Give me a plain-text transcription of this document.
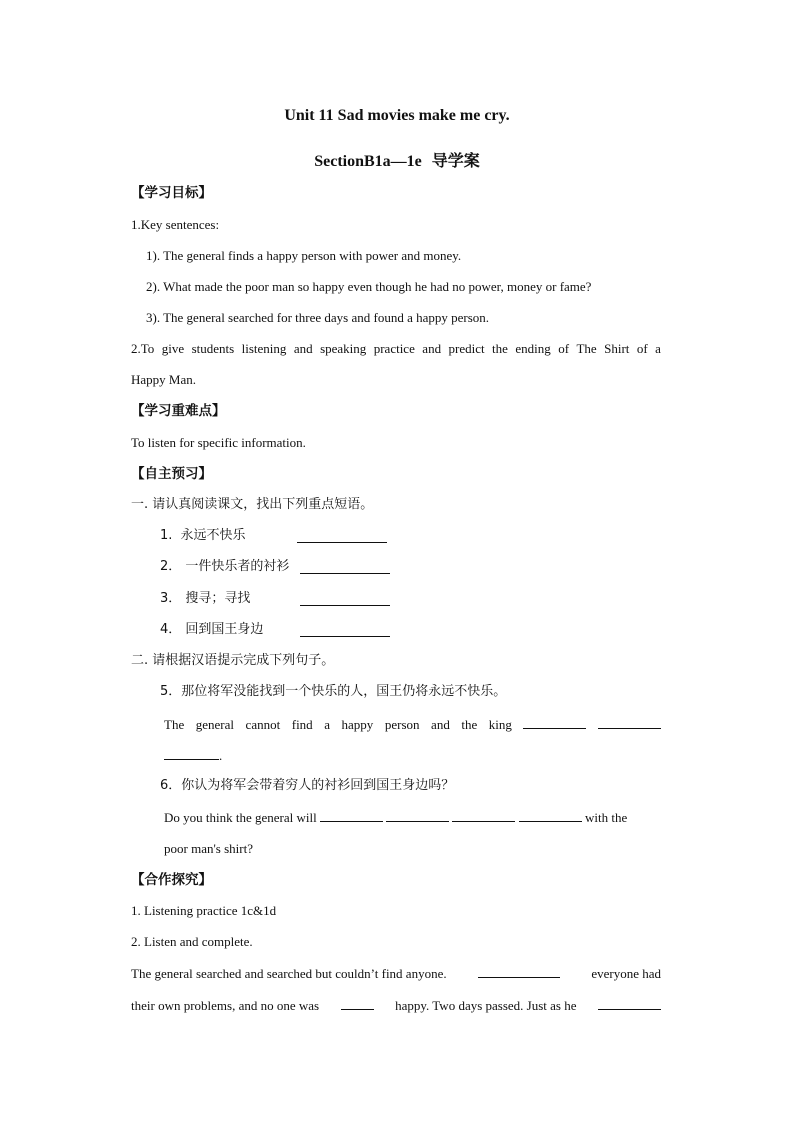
Unit 11 Sad movies make me cry.
SectionB1a—1e 导学案
【学习目标】
1.Key sentences:
1). The general finds a happy person with power and money.
2). What made the poor man so happy even though he had no power, money or fame?
3). The general searched for three days and found a happy person.
2.To give students listening and speaking practice and predict the ending of The Shirt of a
Happy Man.
【学习重难点】
To listen for specific information.
【自主预习】
一. 请认真阅读课文，找出下列重点短语。
1. 永远不快乐
2． 一件快乐者的衬衫
3． 搜寻；寻找
4． 回到国王身边
二. 请根据汉语提示完成下列句子。
5．那位将军没能找到一个快乐的人，国王仍将永远不快乐。
The general cannot find a happy person and the king
.
6．你认为将军会带着穷人的衬衫回到国王身边吗？
Do you think the general will	with the
poor man's shirt?
【合作探究】
1. Listening practice 1c&1d
2. Listen and complete.
The general searched and searched but couldn’t find anyone.	everyone had
their own problems, and no one was	happy. Two days passed. Just as he
